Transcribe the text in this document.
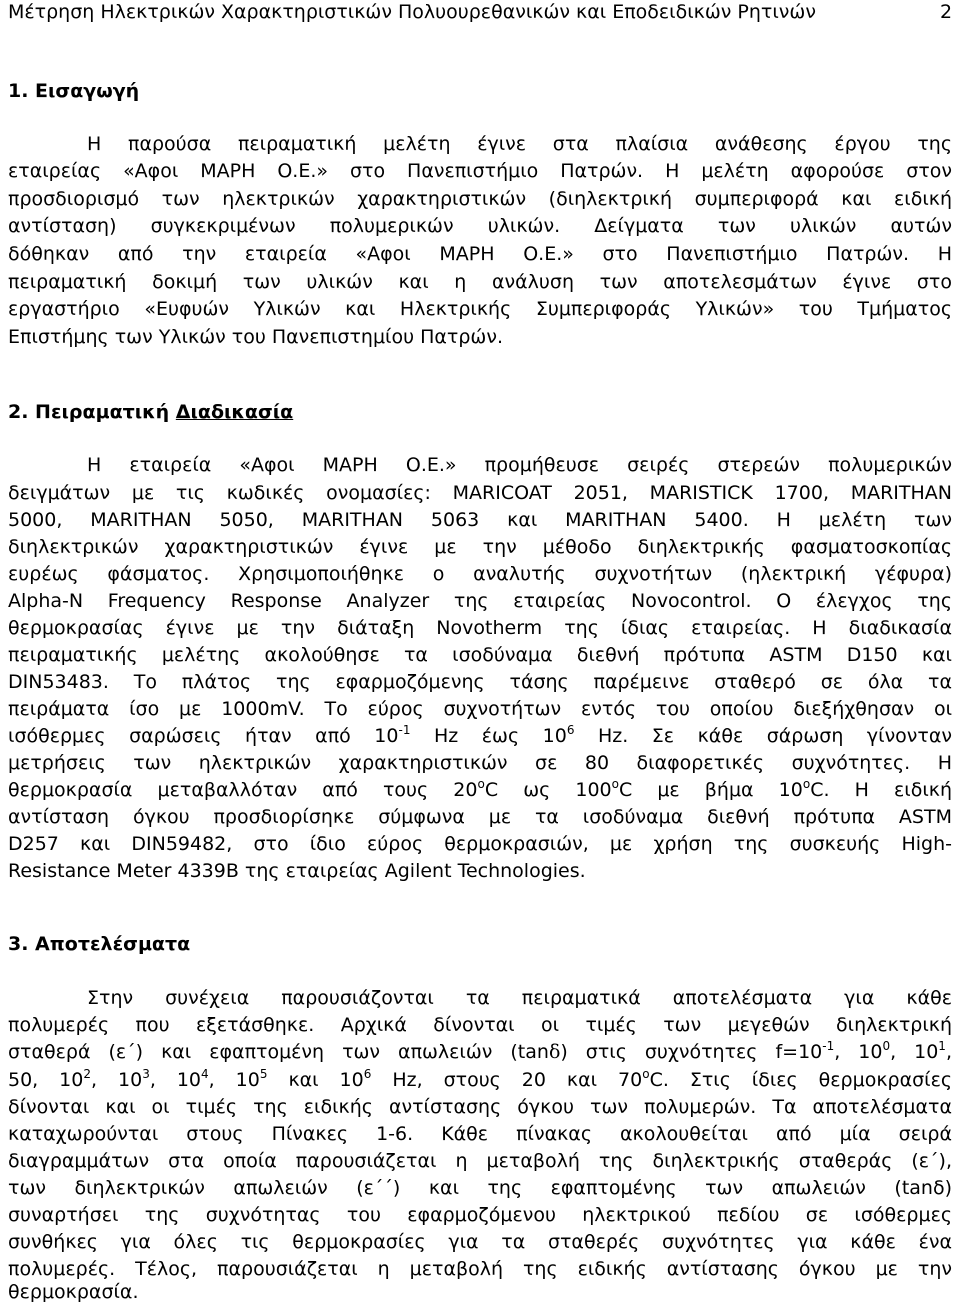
Μέτρηση Ηλεκτρικών Χαρακτηριστικών Πολυουρεθανικών και Εποδειδικών Ρητινών	2
1. Εισαγωγή
Η παρούσα πειραματική μελέτη έγινε στα πλαίσια ανάθεσης έργου της
εταιρείας «Αφοι ΜΑΡΗ Ο.Ε.» στο Πανεπιστήμιο Πατρών. Η μελέτη αφορούσε στον
προσδιορισμό των ηλεκτρικών χαρακτηριστικών (διηλεκτρική συμπεριφορά και ειδική
αντίσταση) συγκεκριμένων πολυμερικών υλικών. Δείγματα των υλικών αυτών
δόθηκαν από την εταιρεία «Αφοι ΜΑΡΗ Ο.Ε.» στο Πανεπιστήμιο Πατρών. Η
πειραματική δοκιμή των υλικών και η ανάλυση των αποτελεσμάτων έγινε στο
εργαστήριο «Ευφυών Υλικών και Ηλεκτρικής Συμπεριφοράς Υλικών» του Τμήματος
Επιστήμης των Υλικών του Πανεπιστημίου Πατρών.
2. Πειραματική Διαδικασία
Η εταιρεία «Αφοι ΜΑΡΗ Ο.Ε.» προμήθευσε σειρές στερεών πολυμερικών
δειγμάτων με τις κωδικές ονομασίες: MARICOAT 2051, MARISTICK 1700, MARITHAN
5000, MARITHAN 5050, MARITHAN 5063 και MARITHAN 5400. Η μελέτη των
διηλεκτρικών χαρακτηριστικών έγινε με την μέθοδο διηλεκτρικής φασματοσκοπίας
ευρέως φάσματος. Χρησιμοποιήθηκε ο αναλυτής συχνοτήτων (ηλεκτρική γέφυρα)
Alpha-N Frequency Response Analyzer της εταιρείας Novocontrol. Ο έλεγχος της
θερμοκρασίας έγινε με την διάταξη Novotherm της ίδιας εταιρείας. Η διαδικασία
πειραματικής μελέτης ακολούθησε τα ισοδύναμα διεθνή πρότυπα ASTM D150 και
DIN53483. Το πλάτος της εφαρμοζόμενης τάσης παρέμεινε σταθερό σε όλα τα
πειράματα ίσο με 1000mV. Το εύρος συχνοτήτων εντός του οποίου διεξήχθησαν οι
ισόθερμες σαρώσεις ήταν από $10^{-1}$ Hz έως $10^6$ Hz. Σε κάθε σάρωση γίνονταν
μετρήσεις των ηλεκτρικών χαρακτηριστικών σε 80 διαφορετικές συχνότητες. Η
θερμοκρασία μεταβαλλόταν από τους 20$^o$C ως 100$^o$C με βήμα 10$^o$C. Η ειδική
αντίσταση όγκου προσδιορίσηκε σύμφωνα με τα ισοδύναμα διεθνή πρότυπα ASTM
D257 και DIN59482, στο ίδιο εύρος θερμοκρασιών, με χρήση της συσκευής High-
Resistance Meter 4339B της εταιρείας Agilent Technologies.
3. Αποτελέσματα
Στην συνέχεια παρουσιάζονται τα πειραματικά αποτελέσματα για κάθε
πολυμερές που εξετάσθηκε. Αρχικά δίνονται οι τιμές των μεγεθών διηλεκτρική
σταθερά (ε΄) και εφαπτομένη των απωλειών (tanδ) στις συχνότητες $f=10^{-1}$, $10^0$, $10^1$,
50, $10^2$, $10^3$, $10^4$, $10^5$ και $10^6$ Hz, στους 20 και 70$^o$C. Στις ίδιες θερμοκρασίες
δίνονται και οι τιμές της ειδικής αντίστασης όγκου των πολυμερών. Τα αποτελέσματα
καταχωρούνται στους Πίνακες 1-6. Κάθε πίνακας ακολουθείται από μία σειρά
διαγραμμάτων στα οποία παρουσιάζεται η μεταβολή της διηλεκτρικής σταθεράς (ε΄),
των διηλεκτρικών απωλειών (ε΄΄) και της εφαπτομένης των απωλειών (tanδ)
συναρτήσει της συχνότητας του εφαρμοζόμενου ηλεκτρικού πεδίου σε ισόθερμες
συνθήκες για όλες τις θερμοκρασίες για τα σταθερές συχνότητες για κάθε ένα
πολυμερές. Τέλος, παρουσιάζεται η μεταβολή της ειδικής αντίστασης όγκου με την
θερμοκρασία.
